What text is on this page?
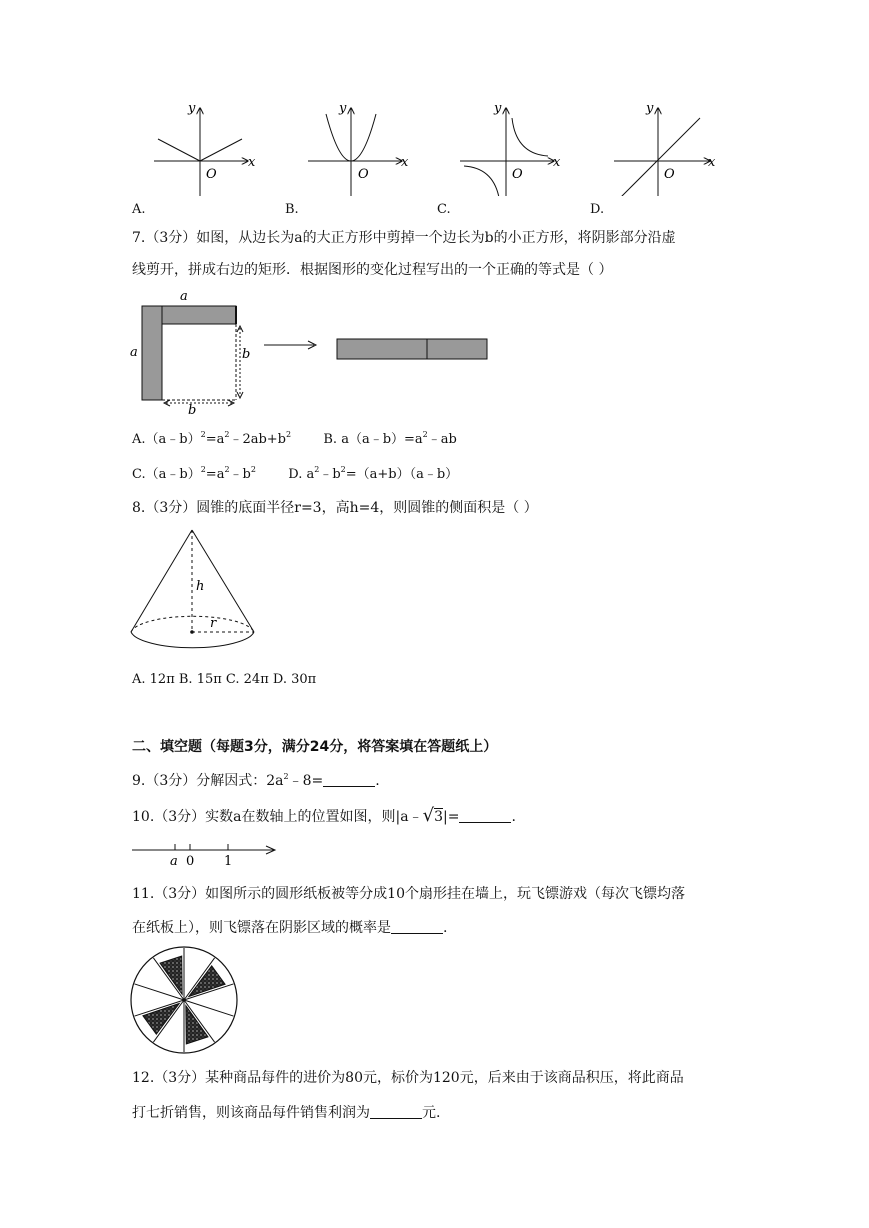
y
x
O
y
x
O
y
x
O
y
x
O
A.	B.	C.	D.
7.（3分）如图，从边长为a的大正方形中剪掉一个边长为b的小正方形，将阴影部分沿虚
线剪开，拼成右边的矩形．根据图形的变化过程写出的一个正确的等式是（ ）
a
a	b
b
$A.(a﹣b)^2=a^2﹣2ab+b^2$ B. $a(a﹣b)=a^2﹣ab$
$C.(a﹣b)^2=a^2﹣b^2$ D. $a^2﹣b^2=(a+b)(a﹣b)$
8.（3分）圆锥的底面半径r=3，高h=4，则圆锥的侧面积是（ ）
h
r
A. 12π B. 15π C. 24π D. 30π
二、填空题（每题3分，满分24分，将答案填在答题纸上）
9.（3分）分解因式：$2a^2﹣8=$	.
10.（3分）实数a在数轴上的位置如图，则|a﹣√3|=	.
a 0 1
11.（3分）如图所示的圆形纸板被等分成10个扇形挂在墙上，玩飞镖游戏（每次飞镖均落
在纸板上），则飞镖落在阴影区域的概率是	.
12.（3分）某种商品每件的进价为80元，标价为120元，后来由于该商品积压，将此商品
打七折销售，则该商品每件销售利润为	元.
